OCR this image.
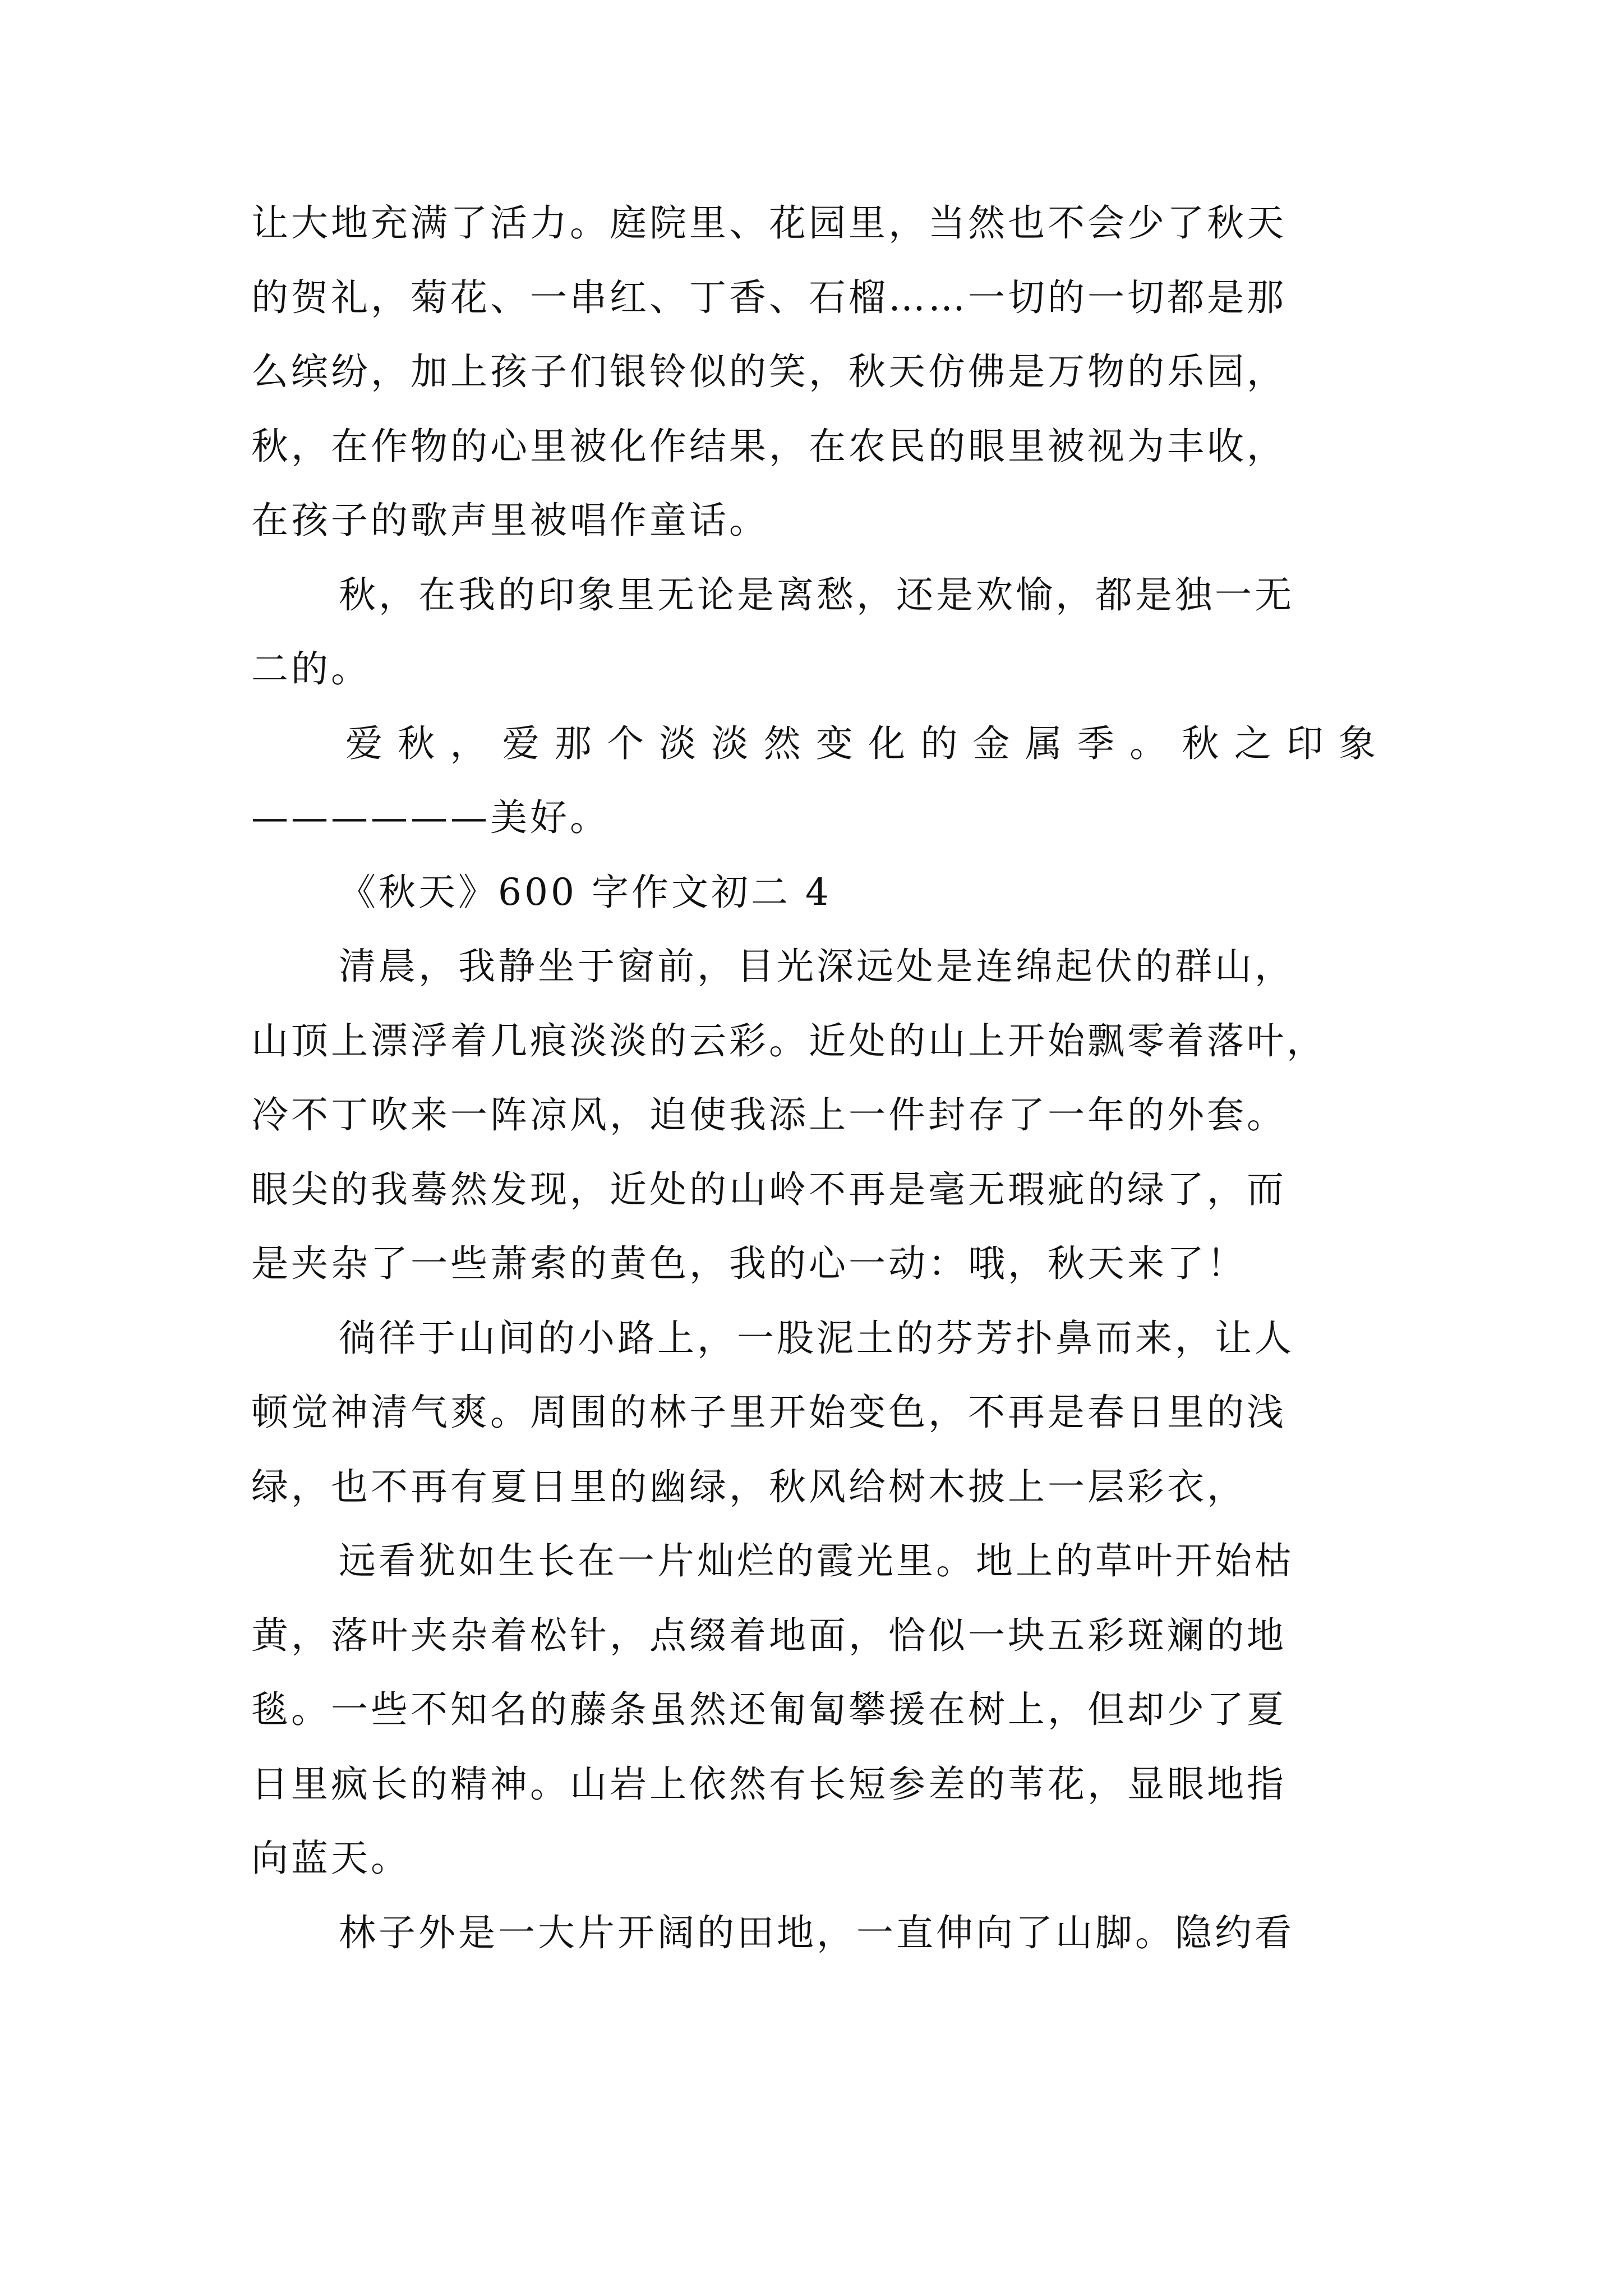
让大地充满了活力。庭院里、花园里，当然也不会少了秋天
的贺礼，菊花、一串红、丁香、石榴……一切的一切都是那
么缤纷，加上孩子们银铃似的笑，秋天仿佛是万物的乐园，
秋，在作物的心里被化作结果，在农民的眼里被视为丰收，
在孩子的歌声里被唱作童话。
秋，在我的印象里无论是离愁，还是欢愉，都是独一无
二的。
爱秋，爱那个淡淡然变化的金属季。秋之印象
——————美好。
《秋天》600 字作文初二 4
清晨，我静坐于窗前，目光深远处是连绵起伏的群山，
山顶上漂浮着几痕淡淡的云彩。近处的山上开始飘零着落叶，
冷不丁吹来一阵凉风，迫使我添上一件封存了一年的外套。
眼尖的我蓦然发现，近处的山岭不再是毫无瑕疵的绿了，而
是夹杂了一些萧索的黄色，我的心一动：哦，秋天来了！
徜徉于山间的小路上，一股泥土的芬芳扑鼻而来，让人
顿觉神清气爽。周围的林子里开始变色，不再是春日里的浅
绿，也不再有夏日里的幽绿，秋风给树木披上一层彩衣，
远看犹如生长在一片灿烂的霞光里。地上的草叶开始枯
黄，落叶夹杂着松针，点缀着地面，恰似一块五彩斑斓的地
毯。一些不知名的藤条虽然还匍匐攀援在树上，但却少了夏
日里疯长的精神。山岩上依然有长短参差的苇花，显眼地指
向蓝天。
林子外是一大片开阔的田地，一直伸向了山脚。隐约看
